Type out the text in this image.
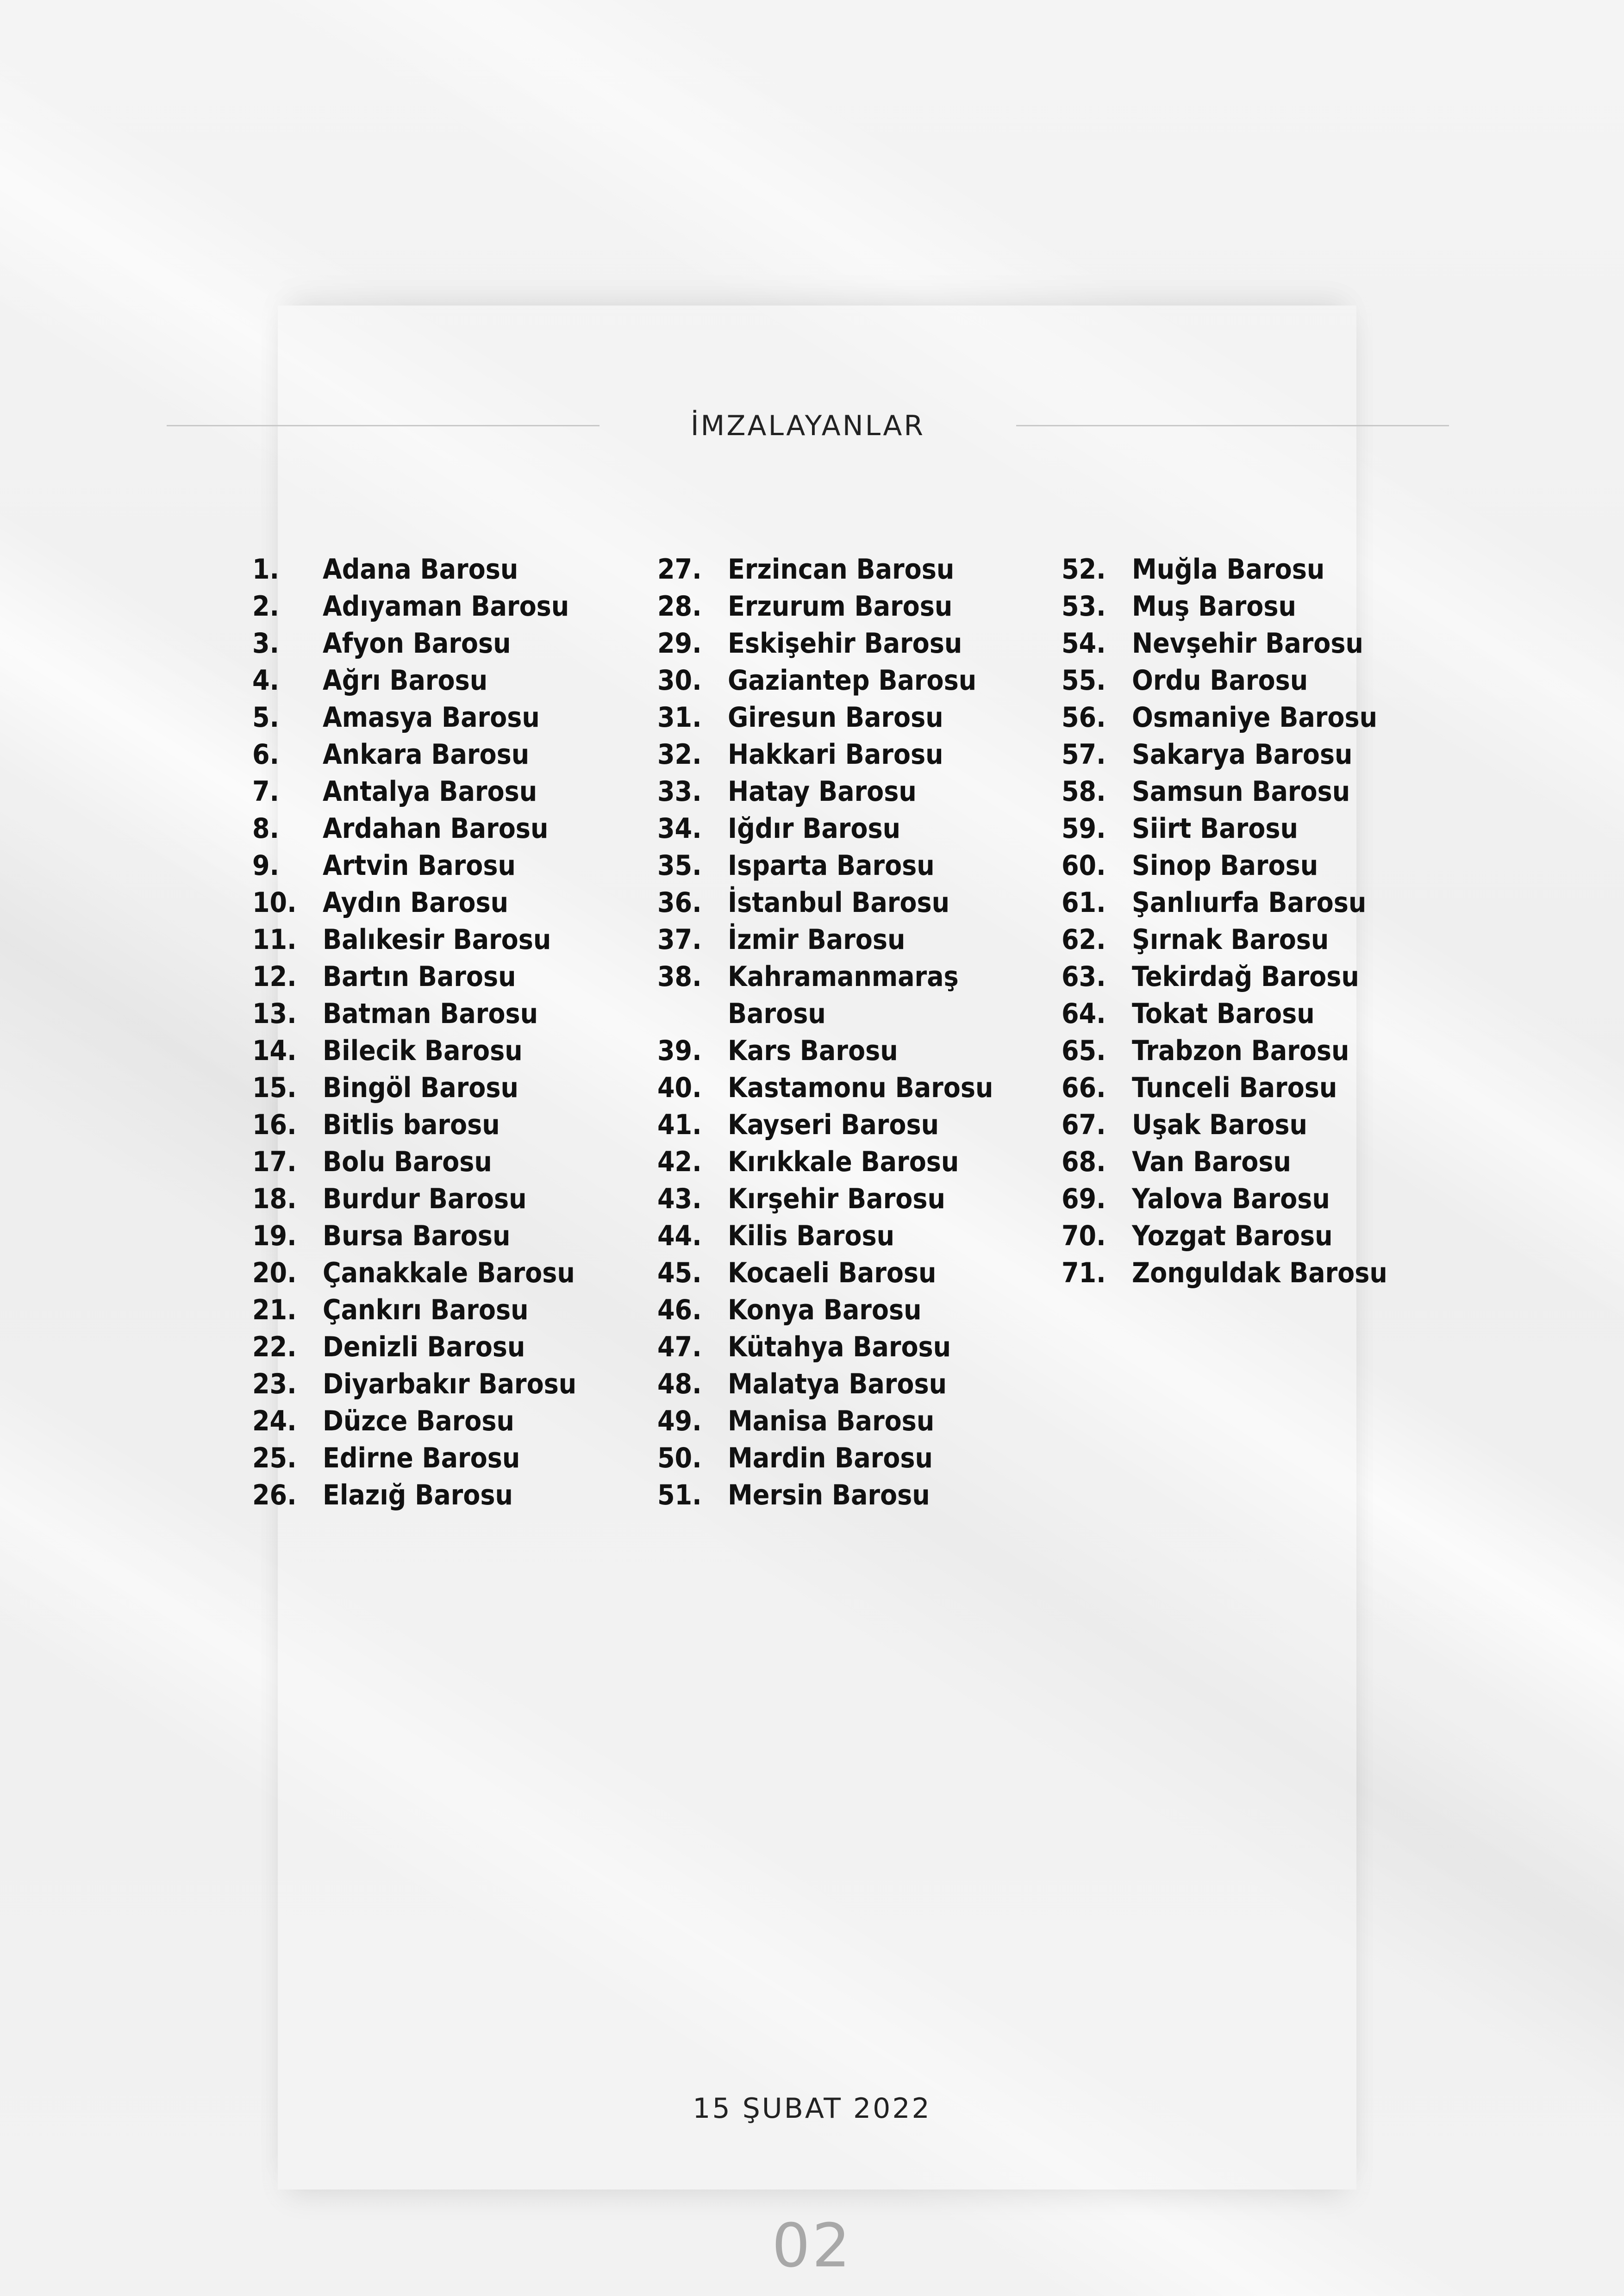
İMZALAYANLAR
1.	Adana Barosu
2.	Adıyaman Barosu
3.	Afyon Barosu
4.	Ağrı Barosu
5.	Amasya Barosu
6.	Ankara Barosu
7.	Antalya Barosu
8.	Ardahan Barosu
9.	Artvin Barosu
10. Aydın Barosu
11. Balıkesir Barosu
12. Bartın Barosu
13. Batman Barosu
14. Bilecik Barosu
15. Bingöl Barosu
16. Bitlis barosu
17. Bolu Barosu
18. Burdur Barosu
19. Bursa Barosu
20. Çanakkale Barosu
21. Çankırı Barosu
22. Denizli Barosu
23. Diyarbakır Barosu
24. Düzce Barosu
25. Edirne Barosu
26. Elazığ Barosu
27. Erzincan Barosu
28. Erzurum Barosu
29. Eskişehir Barosu
30. Gaziantep Barosu
31. Giresun Barosu
32. Hakkari Barosu
33. Hatay Barosu
34. Iğdır Barosu
35. Isparta Barosu
36. İstanbul Barosu
37. İzmir Barosu
38. Kahramanmaraş Barosu
39. Kars Barosu
40. Kastamonu Barosu
41. Kayseri Barosu
42. Kırıkkale Barosu
43. Kırşehir Barosu
44. Kilis Barosu
45. Kocaeli Barosu
46. Konya Barosu
47. Kütahya Barosu
48. Malatya Barosu
49. Manisa Barosu
50. Mardin Barosu
51. Mersin Barosu
52. Muğla Barosu
53. Muş Barosu
54. Nevşehir Barosu
55. Ordu Barosu
56. Osmaniye Barosu
57. Sakarya Barosu
58. Samsun Barosu
59. Siirt Barosu
60. Sinop Barosu
61. Şanlıurfa Barosu
62. Şırnak Barosu
63. Tekirdağ Barosu
64. Tokat Barosu
65. Trabzon Barosu
66. Tunceli Barosu
67. Uşak Barosu
68. Van Barosu
69. Yalova Barosu
70. Yozgat Barosu
71. Zonguldak Barosu
15 ŞUBAT 2022
02
